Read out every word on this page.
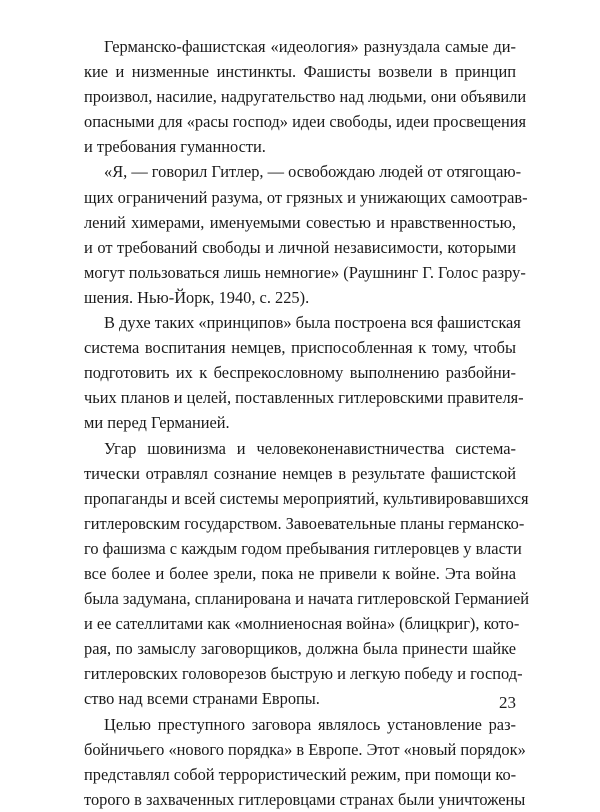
Германско-фашистская «идеология» разнуздала самые ди-
кие и низменные инстинкты. Фашисты возвели в принцип
произвол, насилие, надругательство над людьми, они объявили
опасными для «расы господ» идеи свободы, идеи просвещения
и требования гуманности.
«Я, — говорил Гитлер, — освобождаю людей от отягощаю-
щих ограничений разума, от грязных и унижающих самоотрав-
лений химерами, именуемыми совестью и нравственностью,
и от требований свободы и личной независимости, которыми
могут пользоваться лишь немногие» (Раушнинг Г. Голос разру-
шения. Нью-Йорк, 1940, с. 225).
В духе таких «принципов» была построена вся фашистская
система воспитания немцев, приспособленная к тому, чтобы
подготовить их к беспрекословному выполнению разбойни-
чьих планов и целей, поставленных гитлеровскими правителя-
ми перед Германией.
Угар шовинизма и человеконенавистничества система-
тически отравлял сознание немцев в результате фашистской
пропаганды и всей системы мероприятий, культивировавшихся
гитлеровским государством. Завоевательные планы германско-
го фашизма с каждым годом пребывания гитлеровцев у власти
все более и более зрели, пока не привели к войне. Эта война
была задумана, спланирована и начата гитлеровской Германией
и ее сателлитами как «молниеносная война» (блицкриг), кото-
рая, по замыслу заговорщиков, должна была принести шайке
гитлеровских головорезов быструю и легкую победу и господ-
ство над всеми странами Европы.
Целью преступного заговора являлось установление раз-
бойничьего «нового порядка» в Европе. Этот «новый порядок»
представлял собой террористический режим, при помощи ко-
торого в захваченных гитлеровцами странах были уничтожены
23
